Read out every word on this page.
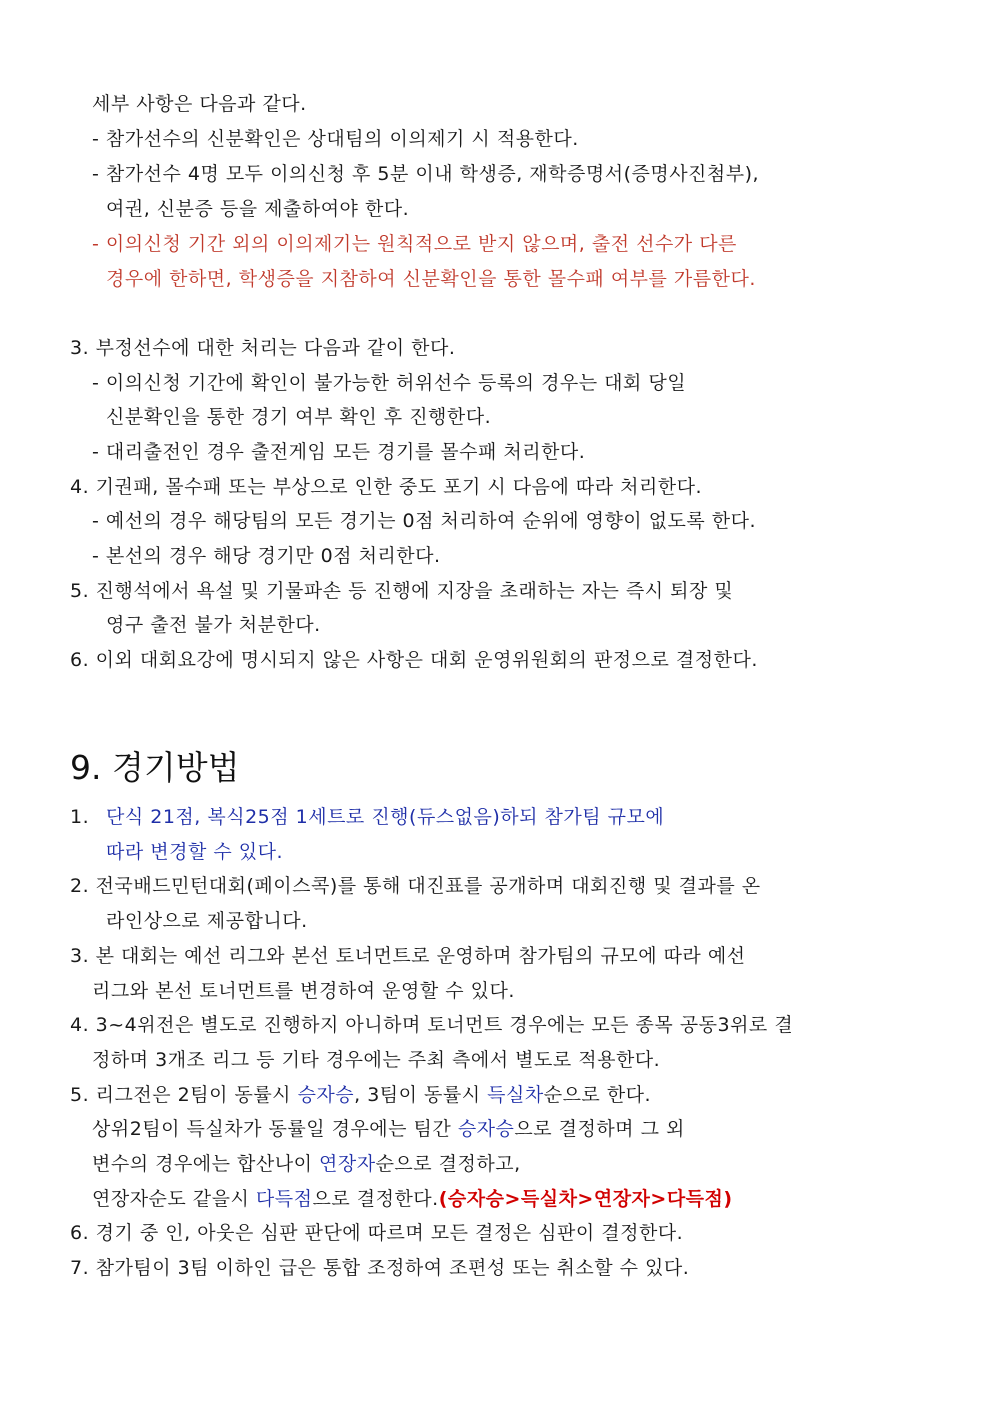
세부 사항은 다음과 같다.
- 참가선수의 신분확인은 상대팀의 이의제기 시 적용한다.
- 참가선수 4명 모두 이의신청 후 5분 이내 학생증, 재학증명서(증명사진첨부),
여권, 신분증 등을 제출하여야 한다.
- 이의신청 기간 외의 이의제기는 원칙적으로 받지 않으며, 출전 선수가 다른
경우에 한하면, 학생증을 지참하여 신분확인을 통한 몰수패 여부를 가름한다.
3. 부정선수에 대한 처리는 다음과 같이 한다.
- 이의신청 기간에 확인이 불가능한 허위선수 등록의 경우는 대회 당일
신분확인을 통한 경기 여부 확인 후 진행한다.
- 대리출전인 경우 출전게임 모든 경기를 몰수패 처리한다.
4. 기권패, 몰수패 또는 부상으로 인한 중도 포기 시 다음에 따라 처리한다.
- 예선의 경우 해당팀의 모든 경기는 0점 처리하여 순위에 영향이 없도록 한다.
- 본선의 경우 해당 경기만 0점 처리한다.
5. 진행석에서 욕설 및 기물파손 등 진행에 지장을 초래하는 자는 즉시 퇴장 및
영구 출전 불가 처분한다.
6. 이외 대회요강에 명시되지 않은 사항은 대회 운영위원회의 판정으로 결정한다.
9. 경기방법
1. 단식 21점, 복식25점 1세트로 진행(듀스없음)하되 참가팀 규모에
따라 변경할 수 있다.
2. 전국배드민턴대회(페이스콕)를 통해 대진표를 공개하며 대회진행 및 결과를 온
라인상으로 제공합니다.
3. 본 대회는 예선 리그와 본선 토너먼트로 운영하며 참가팀의 규모에 따라 예선
리그와 본선 토너먼트를 변경하여 운영할 수 있다.
4. 3~4위전은 별도로 진행하지 아니하며 토너먼트 경우에는 모든 종목 공동3위로 결
정하며 3개조 리그 등 기타 경우에는 주최 측에서 별도로 적용한다.
5. 리그전은 2팀이 동률시 승자승, 3팀이 동률시 득실차순으로 한다.
상위2팀이 득실차가 동률일 경우에는 팀간 승자승으로 결정하며 그 외
변수의 경우에는 합산나이 연장자순으로 결정하고,
연장자순도 같을시 다득점으로 결정한다.(승자승>득실차>연장자>다득점)
6. 경기 중 인, 아웃은 심판 판단에 따르며 모든 결정은 심판이 결정한다.
7. 참가팀이 3팀 이하인 급은 통합 조정하여 조편성 또는 취소할 수 있다.
